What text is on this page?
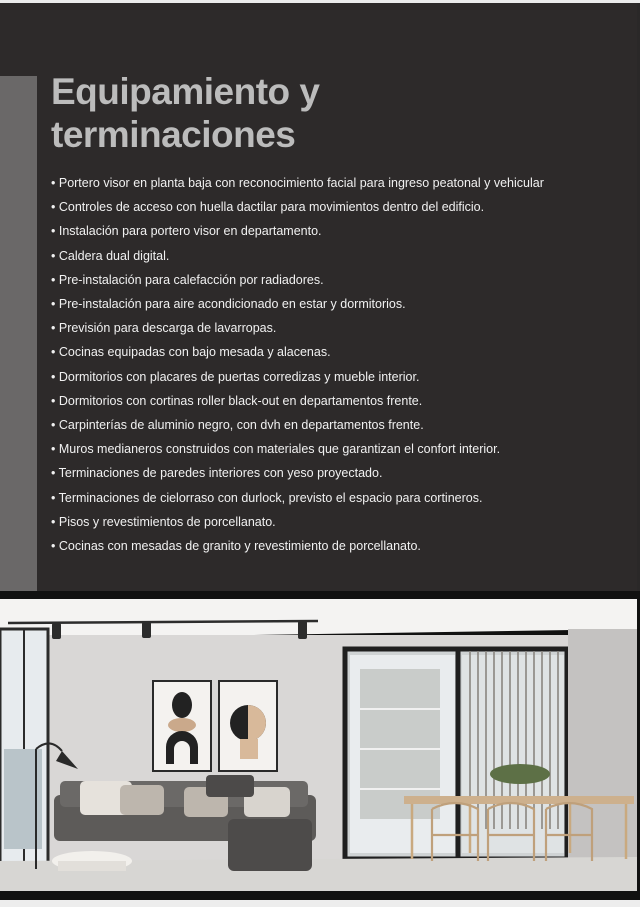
Equipamiento y
terminaciones
• Portero visor en planta baja con reconocimiento facial para ingreso peatonal y vehicular
• Controles de acceso con huella dactilar para movimientos dentro del edificio.
• Instalación para portero visor en departamento.
• Caldera dual digital.
• Pre-instalación para calefacción por radiadores.
• Pre-instalación para aire acondicionado en estar y dormitorios.
• Previsión para descarga de lavarropas.
• Cocinas equipadas con bajo mesada y alacenas.
• Dormitorios con placares de puertas corredizas y mueble interior.
• Dormitorios con cortinas roller black-out en departamentos frente.
• Carpinterías de aluminio negro, con dvh en departamentos frente.
• Muros medianeros construidos con materiales que garantizan el confort interior.
• Terminaciones de paredes interiores con yeso proyectado.
• Terminaciones de cielorraso con durlock, previsto el espacio para cortineros.
• Pisos y revestimientos de porcellanato.
• Cocinas con mesadas de granito y revestimiento de porcellanato.
